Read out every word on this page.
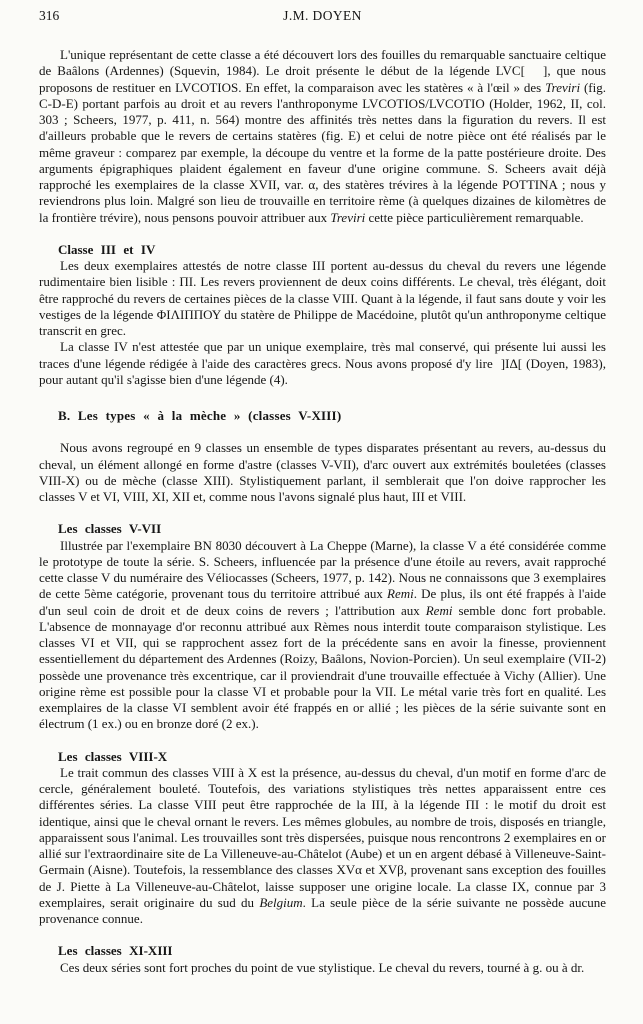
316	J.M. DOYEN

L'unique représentant de cette classe a été découvert lors des fouilles du remarquable sanctuaire celtique de Baâlons (Ardennes) (Squevin, 1984). Le droit présente le début de la légende LVC[   ], que nous proposons de restituer en LVCOTIOS. En effet, la comparaison avec les statères « à l'œil » des Treviri (fig. C-D-E) portant parfois au droit et au revers l'anthroponyme LVCOTIOS/LVCOTIO (Holder, 1962, II, col. 303 ; Scheers, 1977, p. 411, n. 564) montre des affinités très nettes dans la figuration du revers. Il est d'ailleurs probable que le revers de certains statères (fig. E) et celui de notre pièce ont été réalisés par le même graveur : comparez par exemple, la découpe du ventre et la forme de la patte postérieure droite. Des arguments épigraphiques plaident également en faveur d'une origine commune. S. Scheers avait déjà rapproché les exemplaires de la classe XVII, var. α, des statères trévires à la légende POTTINA ; nous y reviendrons plus loin. Malgré son lieu de trouvaille en territoire rème (à quelques dizaines de kilomètres de la frontière trévire), nous pensons pouvoir attribuer aux Treviri cette pièce particulièrement remarquable.

Classe III et IV

Les deux exemplaires attestés de notre classe III portent au-dessus du cheval du revers une légende rudimentaire bien lisible : ΠΙ. Les revers proviennent de deux coins différents. Le cheval, très élégant, doit être rapproché du revers de certaines pièces de la classe VIII. Quant à la légende, il faut sans doute y voir les vestiges de la légende ΦΙΛΙΠΠΟΥ du statère de Philippe de Macédoine, plutôt qu'un anthroponyme celtique transcrit en grec.

La classe IV n'est attestée que par un unique exemplaire, très mal conservé, qui présente lui aussi les traces d'une légende rédigée à l'aide des caractères grecs. Nous avons proposé d'y lire  ]ΙΔ[ (Doyen, 1983), pour autant qu'il s'agisse bien d'une légende (4).

B. Les types « à la mèche » (classes V-XIII)

Nous avons regroupé en 9 classes un ensemble de types disparates présentant au revers, au-dessus du cheval, un élément allongé en forme d'astre (classes V-VII), d'arc ouvert aux extrémités bouletées (classes VIII-X) ou de mèche (classe XIII). Stylistiquement parlant, il semblerait que l'on doive rapprocher les classes V et VI, VIII, XI, XII et, comme nous l'avons signalé plus haut, III et VIII.

Les classes V-VII

Illustrée par l'exemplaire BN 8030 découvert à La Cheppe (Marne), la classe V a été considérée comme le prototype de toute la série. S. Scheers, influencée par la présence d'une étoile au revers, avait rapproché cette classe V du numéraire des Véliocasses (Scheers, 1977, p. 142). Nous ne connaissons que 3 exemplaires de cette 5ème catégorie, provenant tous du territoire attribué aux Remi. De plus, ils ont été frappés à l'aide d'un seul coin de droit et de deux coins de revers ; l'attribution aux Remi semble donc fort probable. L'absence de monnayage d'or reconnu attribué aux Rèmes nous interdit toute comparaison stylistique. Les classes VI et VII, qui se rapprochent assez fort de la précédente sans en avoir la finesse, proviennent essentiellement du département des Ardennes (Roizy, Baâlons, Novion-Porcien). Un seul exemplaire (VII-2) possède une provenance très excentrique, car il proviendrait d'une trouvaille effectuée à Vichy (Allier). Une origine rème est possible pour la classe VI et probable pour la VII. Le métal varie très fort en qualité. Les exemplaires de la classe VI semblent avoir été frappés en or allié ; les pièces de la série suivante sont en électrum (1 ex.) ou en bronze doré (2 ex.).

Les classes VIII-X

Le trait commun des classes VIII à X est la présence, au-dessus du cheval, d'un motif en forme d'arc de cercle, généralement bouleté. Toutefois, des variations stylistiques très nettes apparaissent entre ces différentes séries. La classe VIII peut être rapprochée de la III, à la légende ΠΙ : le motif du droit est identique, ainsi que le cheval ornant le revers. Les mêmes globules, au nombre de trois, disposés en triangle, apparaissent sous l'animal. Les trouvailles sont très dispersées, puisque nous rencontrons 2 exemplaires en or allié sur l'extraordinaire site de La Villeneuve-au-Châtelot (Aube) et un en argent débasé à Villeneuve-Saint-Germain (Aisne). Toutefois, la ressemblance des classes XVα et XVβ, provenant sans exception des fouilles de J. Piette à La Villeneuve-au-Châtelot, laisse supposer une origine locale. La classe IX, connue par 3 exemplaires, serait originaire du sud du Belgium. La seule pièce de la série suivante ne possède aucune provenance connue.

Les classes XI-XIII

Ces deux séries sont fort proches du point de vue stylistique. Le cheval du revers, tourné à g. ou à dr.
